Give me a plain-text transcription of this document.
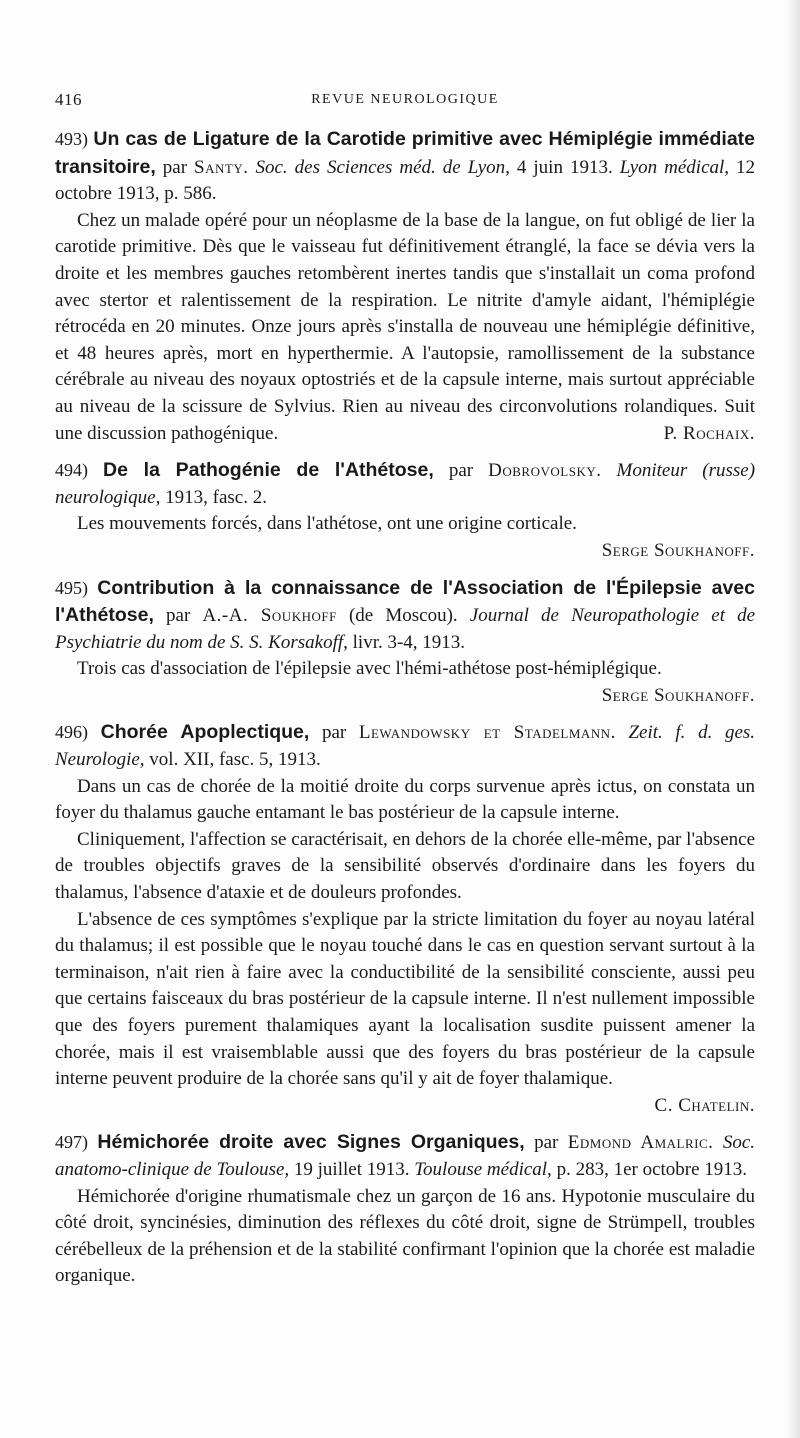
416	REVUE NEUROLOGIQUE
493) Un cas de Ligature de la Carotide primitive avec Hémiplégie immédiate transitoire, par Santy. Soc. des Sciences méd. de Lyon, 4 juin 1913. Lyon médical, 12 octobre 1913, p. 586.

Chez un malade opéré pour un néoplasme de la base de la langue, on fut obligé de lier la carotide primitive. Dès que le vaisseau fut définitivement étranglé, la face se dévia vers la droite et les membres gauches retombèrent inertes tandis que s'installait un coma profond avec stertor et ralentissement de la respiration. Le nitrite d'amyle aidant, l'hémiplégie rétrocéda en 20 minutes. Onze jours après s'installa de nouveau une hémiplégie définitive, et 48 heures après, mort en hyperthermie. A l'autopsie, ramollissement de la substance cérébrale au niveau des noyaux optostriés et de la capsule interne, mais surtout appréciable au niveau de la scissure de Sylvius. Rien au niveau des circonvolutions rolandiques. Suit une discussion pathogénique.	P. Rochaix.

494) De la Pathogénie de l'Athétose, par Dobrovolsky. Moniteur (russe) neurologique, 1913, fasc. 2.

Les mouvements forcés, dans l'athétose, ont une origine corticale.

Serge Soukhanoff.
495) Contribution à la connaissance de l'Association de l'Épilepsie avec l'Athétose, par A.-A. Soukhoff (de Moscou). Journal de Neuropathologie et de Psychiatrie du nom de S. S. Korsakoff, livr. 3-4, 1913.

Trois cas d'association de l'épilepsie avec l'hémi-athétose post-hémiplégique.

Serge Soukhanoff.
496) Chorée Apoplectique, par Lewandowsky et Stadelmann. Zeit. f. d. ges. Neurologie, vol. XII, fasc. 5, 1913.

Dans un cas de chorée de la moitié droite du corps survenue après ictus, on constata un foyer du thalamus gauche entamant le bas postérieur de la capsule interne.

Cliniquement, l'affection se caractérisait, en dehors de la chorée elle-même, par l'absence de troubles objectifs graves de la sensibilité observés d'ordinaire dans les foyers du thalamus, l'absence d'ataxie et de douleurs profondes.

L'absence de ces symptômes s'explique par la stricte limitation du foyer au noyau latéral du thalamus; il est possible que le noyau touché dans le cas en question servant surtout à la terminaison, n'ait rien à faire avec la conductibilité de la sensibilité consciente, aussi peu que certains faisceaux du bras postérieur de la capsule interne. Il n'est nullement impossible que des foyers purement thalamiques ayant la localisation susdite puissent amener la chorée, mais il est vraisemblable aussi que des foyers du bras postérieur de la capsule interne peuvent produire de la chorée sans qu'il y ait de foyer thalamique.

C. Chatelin.
497) Hémichorée droite avec Signes Organiques, par Edmond Amalric. Soc. anatomo-clinique de Toulouse, 19 juillet 1913. Toulouse médical, p. 283, 1er octobre 1913.

Hémichorée d'origine rhumatismale chez un garçon de 16 ans. Hypotonie musculaire du côté droit, syncinésies, diminution des réflexes du côté droit, signe de Strümpell, troubles cérébelleux de la préhension et de la stabilité confirmant l'opinion que la chorée est maladie organique.
